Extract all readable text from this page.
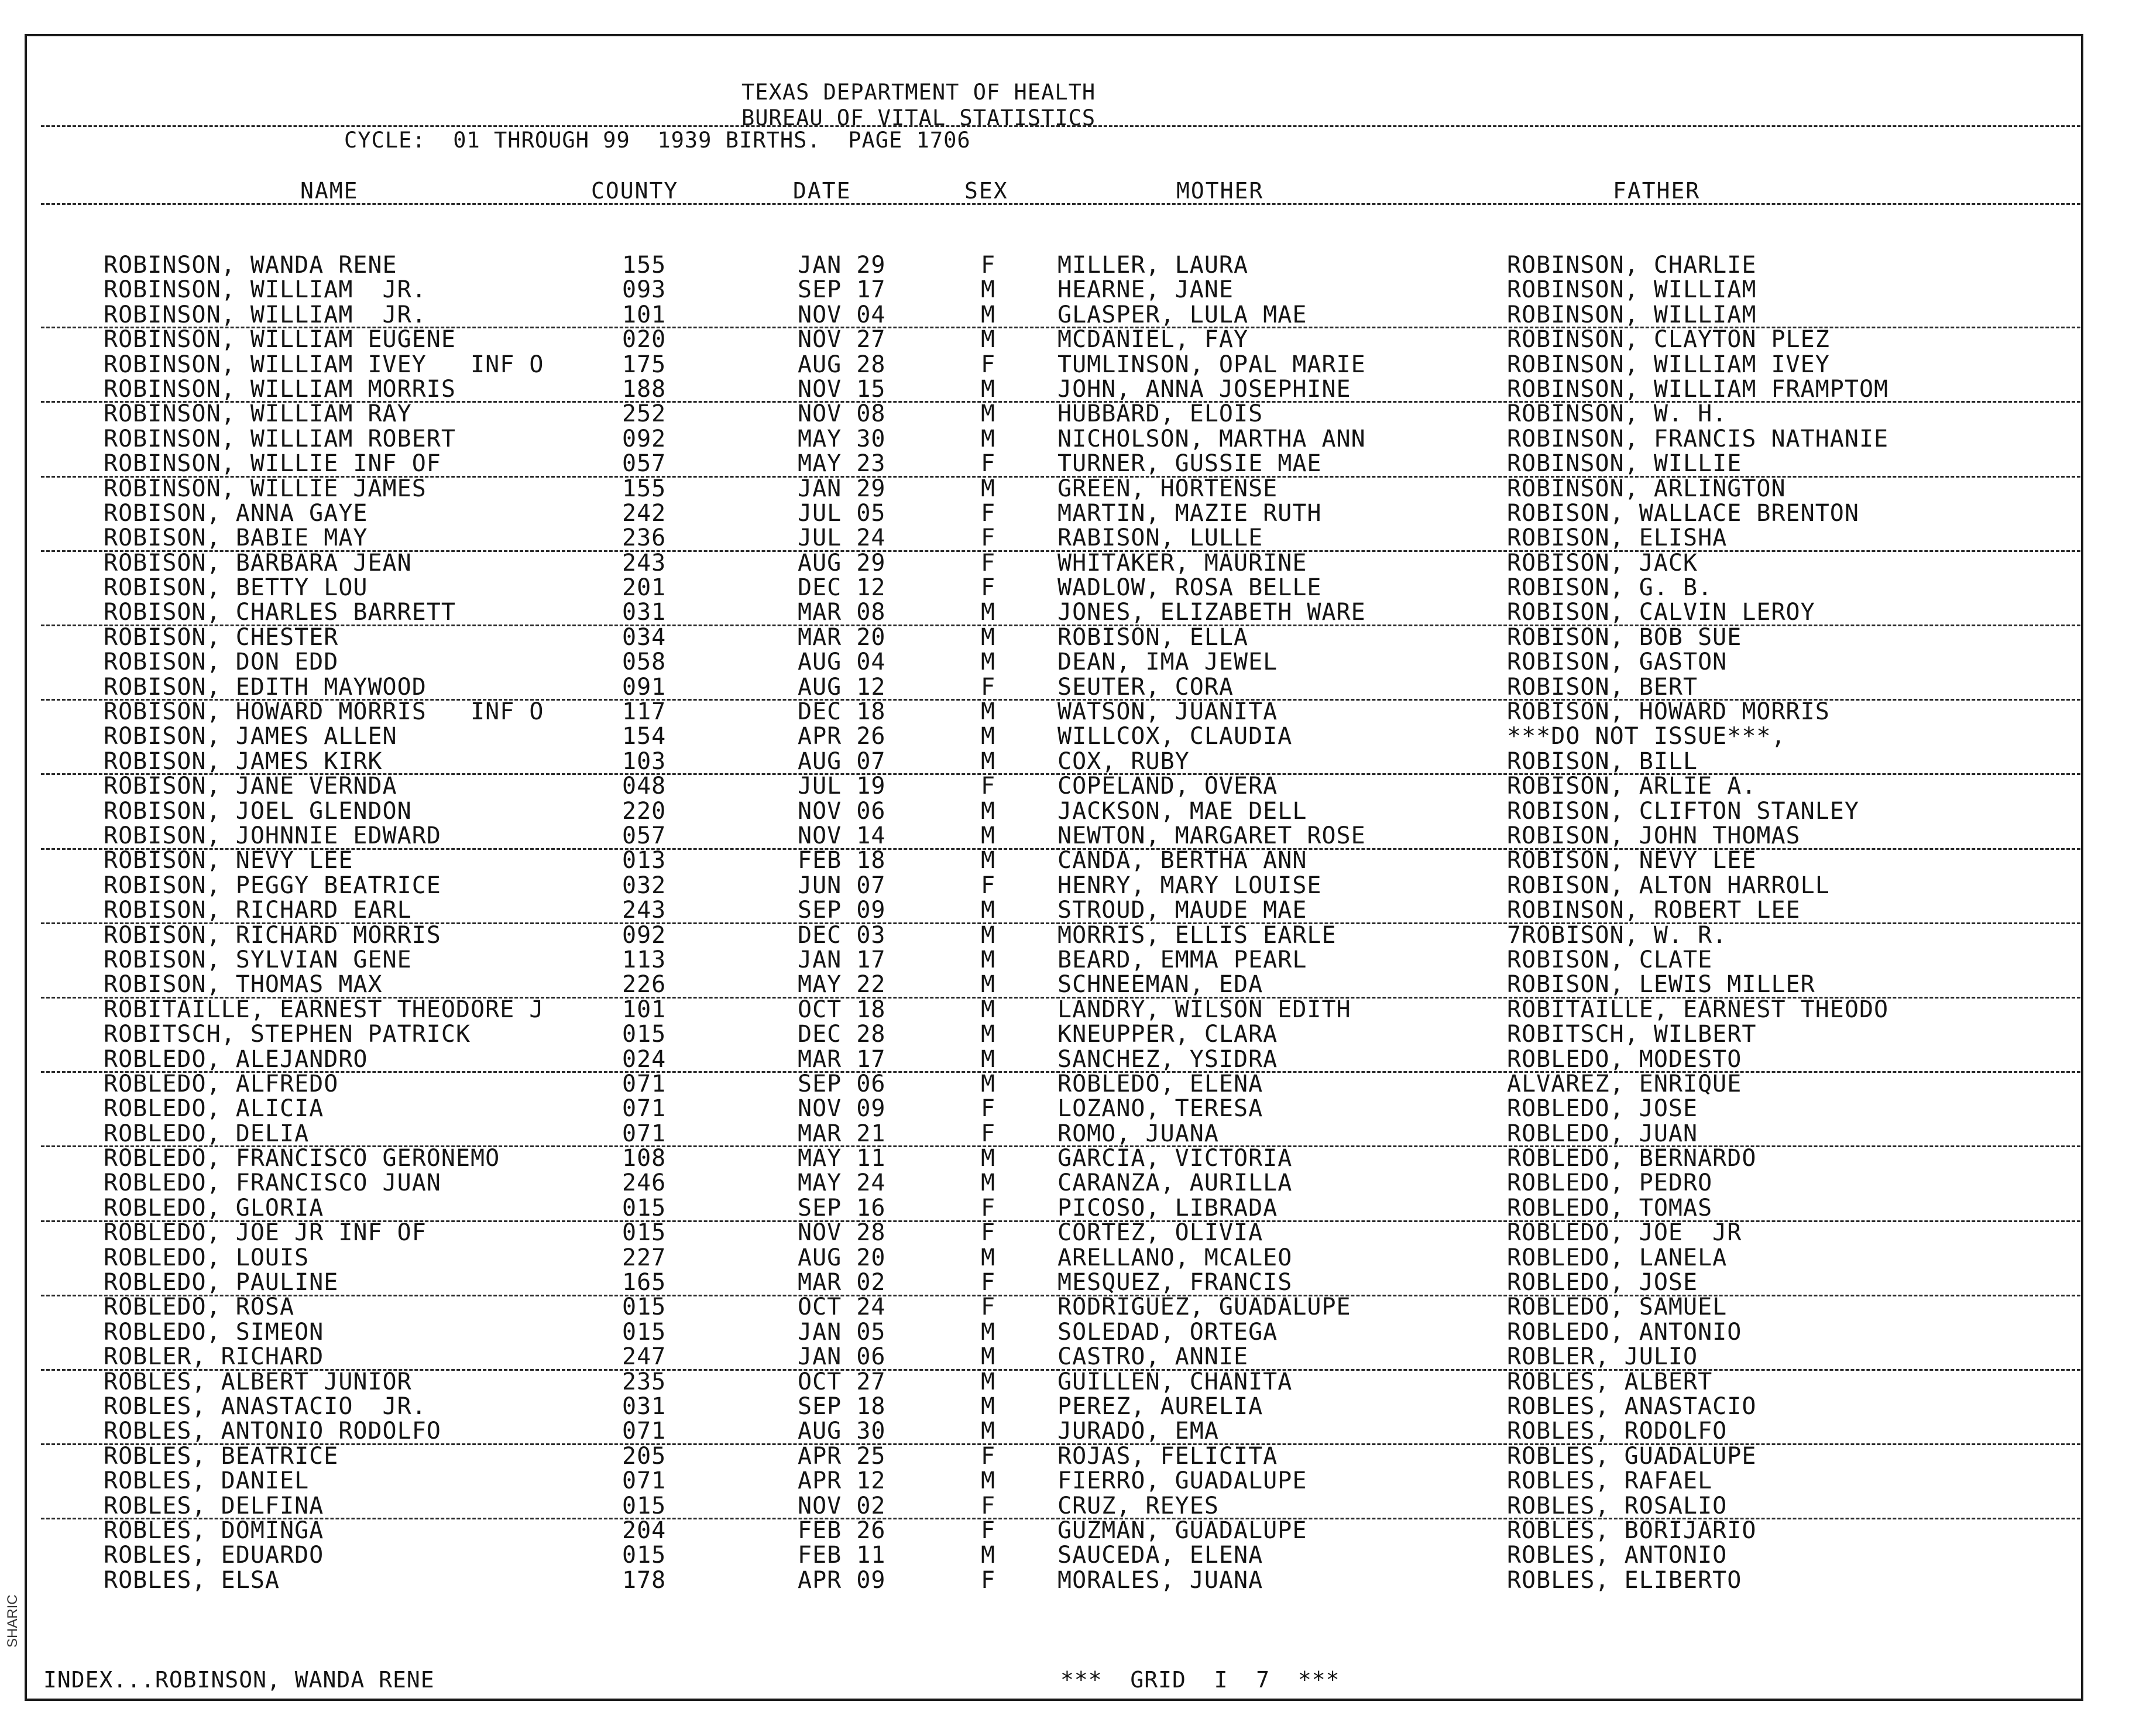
TEXAS DEPARTMENT OF HEALTH
BUREAU OF VITAL STATISTICS
CYCLE:  01 THROUGH 99  1939 BIRTHS.  PAGE 1706
NAME	COUNTY	DATE	SEX	MOTHER	FATHER
ROBINSON, WANDA RENE	155	JAN 29	F	MILLER, LAURA	ROBINSON, CHARLIE
ROBINSON, WILLIAM  JR.	093	SEP 17	M	HEARNE, JANE	ROBINSON, WILLIAM
ROBINSON, WILLIAM  JR.	101	NOV 04	M	GLASPER, LULA MAE	ROBINSON, WILLIAM
ROBINSON, WILLIAM EUGENE	020	NOV 27	M	MCDANIEL, FAY	ROBINSON, CLAYTON PLEZ
ROBINSON, WILLIAM IVEY   INF O	175	AUG 28	F	TUMLINSON, OPAL MARIE	ROBINSON, WILLIAM IVEY
ROBINSON, WILLIAM MORRIS	188	NOV 15	M	JOHN, ANNA JOSEPHINE	ROBINSON, WILLIAM FRAMPTOM
ROBINSON, WILLIAM RAY	252	NOV 08	M	HUBBARD, ELOIS	ROBINSON, W. H.
ROBINSON, WILLIAM ROBERT	092	MAY 30	M	NICHOLSON, MARTHA ANN	ROBINSON, FRANCIS NATHANIE
ROBINSON, WILLIE INF OF	057	MAY 23	F	TURNER, GUSSIE MAE	ROBINSON, WILLIE
ROBINSON, WILLIE JAMES	155	JAN 29	M	GREEN, HORTENSE	ROBINSON, ARLINGTON
ROBISON, ANNA GAYE	242	JUL 05	F	MARTIN, MAZIE RUTH	ROBISON, WALLACE BRENTON
ROBISON, BABIE MAY	236	JUL 24	F	RABISON, LULLE	ROBISON, ELISHA
ROBISON, BARBARA JEAN	243	AUG 29	F	WHITAKER, MAURINE	ROBISON, JACK
ROBISON, BETTY LOU	201	DEC 12	F	WADLOW, ROSA BELLE	ROBISON, G. B.
ROBISON, CHARLES BARRETT	031	MAR 08	M	JONES, ELIZABETH WARE	ROBISON, CALVIN LEROY
ROBISON, CHESTER	034	MAR 20	M	ROBISON, ELLA	ROBISON, BOB SUE
ROBISON, DON EDD	058	AUG 04	M	DEAN, IMA JEWEL	ROBISON, GASTON
ROBISON, EDITH MAYWOOD	091	AUG 12	F	SEUTER, CORA	ROBISON, BERT
ROBISON, HOWARD MORRIS   INF O	117	DEC 18	M	WATSON, JUANITA	ROBISON, HOWARD MORRIS
ROBISON, JAMES ALLEN	154	APR 26	M	WILLCOX, CLAUDIA	***DO NOT ISSUE***,
ROBISON, JAMES KIRK	103	AUG 07	M	COX, RUBY	ROBISON, BILL
ROBISON, JANE VERNDA	048	JUL 19	F	COPELAND, OVERA	ROBISON, ARLIE A.
ROBISON, JOEL GLENDON	220	NOV 06	M	JACKSON, MAE DELL	ROBISON, CLIFTON STANLEY
ROBISON, JOHNNIE EDWARD	057	NOV 14	M	NEWTON, MARGARET ROSE	ROBISON, JOHN THOMAS
ROBISON, NEVY LEE	013	FEB 18	M	CANDA, BERTHA ANN	ROBISON, NEVY LEE
ROBISON, PEGGY BEATRICE	032	JUN 07	F	HENRY, MARY LOUISE	ROBISON, ALTON HARROLL
ROBISON, RICHARD EARL	243	SEP 09	M	STROUD, MAUDE MAE	ROBINSON, ROBERT LEE
ROBISON, RICHARD MORRIS	092	DEC 03	M	MORRIS, ELLIS EARLE	7ROBISON, W. R.
ROBISON, SYLVIAN GENE	113	JAN 17	M	BEARD, EMMA PEARL	ROBISON, CLATE
ROBISON, THOMAS MAX	226	MAY 22	M	SCHNEEMAN, EDA	ROBISON, LEWIS MILLER
ROBITAILLE, EARNEST THEODORE J	101	OCT 18	M	LANDRY, WILSON EDITH	ROBITAILLE, EARNEST THEODO
ROBITSCH, STEPHEN PATRICK	015	DEC 28	M	KNEUPPER, CLARA	ROBITSCH, WILBERT
ROBLEDO, ALEJANDRO	024	MAR 17	M	SANCHEZ, YSIDRA	ROBLEDO, MODESTO
ROBLEDO, ALFREDO	071	SEP 06	M	ROBLEDO, ELENA	ALVAREZ, ENRIQUE
ROBLEDO, ALICIA	071	NOV 09	F	LOZANO, TERESA	ROBLEDO, JOSE
ROBLEDO, DELIA	071	MAR 21	F	ROMO, JUANA	ROBLEDO, JUAN
ROBLEDO, FRANCISCO GERONEMO	108	MAY 11	M	GARCIA, VICTORIA	ROBLEDO, BERNARDO
ROBLEDO, FRANCISCO JUAN	246	MAY 24	M	CARANZA, AURILLA	ROBLEDO, PEDRO
ROBLEDO, GLORIA	015	SEP 16	F	PICOSO, LIBRADA	ROBLEDO, TOMAS
ROBLEDO, JOE JR INF OF	015	NOV 28	F	CORTEZ, OLIVIA	ROBLEDO, JOE  JR
ROBLEDO, LOUIS	227	AUG 20	M	ARELLANO, MCALEO	ROBLEDO, LANELA
ROBLEDO, PAULINE	165	MAR 02	F	MESQUEZ, FRANCIS	ROBLEDO, JOSE
ROBLEDO, ROSA	015	OCT 24	F	RODRIGUEZ, GUADALUPE	ROBLEDO, SAMUEL
ROBLEDO, SIMEON	015	JAN 05	M	SOLEDAD, ORTEGA	ROBLEDO, ANTONIO
ROBLER, RICHARD	247	JAN 06	M	CASTRO, ANNIE	ROBLER, JULIO
ROBLES, ALBERT JUNIOR	235	OCT 27	M	GUILLEN, CHANITA	ROBLES, ALBERT
ROBLES, ANASTACIO  JR.	031	SEP 18	M	PEREZ, AURELIA	ROBLES, ANASTACIO
ROBLES, ANTONIO RODOLFO	071	AUG 30	M	JURADO, EMA	ROBLES, RODOLFO
ROBLES, BEATRICE	205	APR 25	F	ROJAS, FELICITA	ROBLES, GUADALUPE
ROBLES, DANIEL	071	APR 12	M	FIERRO, GUADALUPE	ROBLES, RAFAEL
ROBLES, DELFINA	015	NOV 02	F	CRUZ, REYES	ROBLES, ROSALIO
ROBLES, DOMINGA	204	FEB 26	F	GUZMAN, GUADALUPE	ROBLES, BORIJARIO
ROBLES, EDUARDO	015	FEB 11	M	SAUCEDA, ELENA	ROBLES, ANTONIO
ROBLES, ELSA	178	APR 09	F	MORALES, JUANA	ROBLES, ELIBERTO
INDEX...ROBINSON, WANDA RENE	***  GRID  I  7  ***
SHARIC
